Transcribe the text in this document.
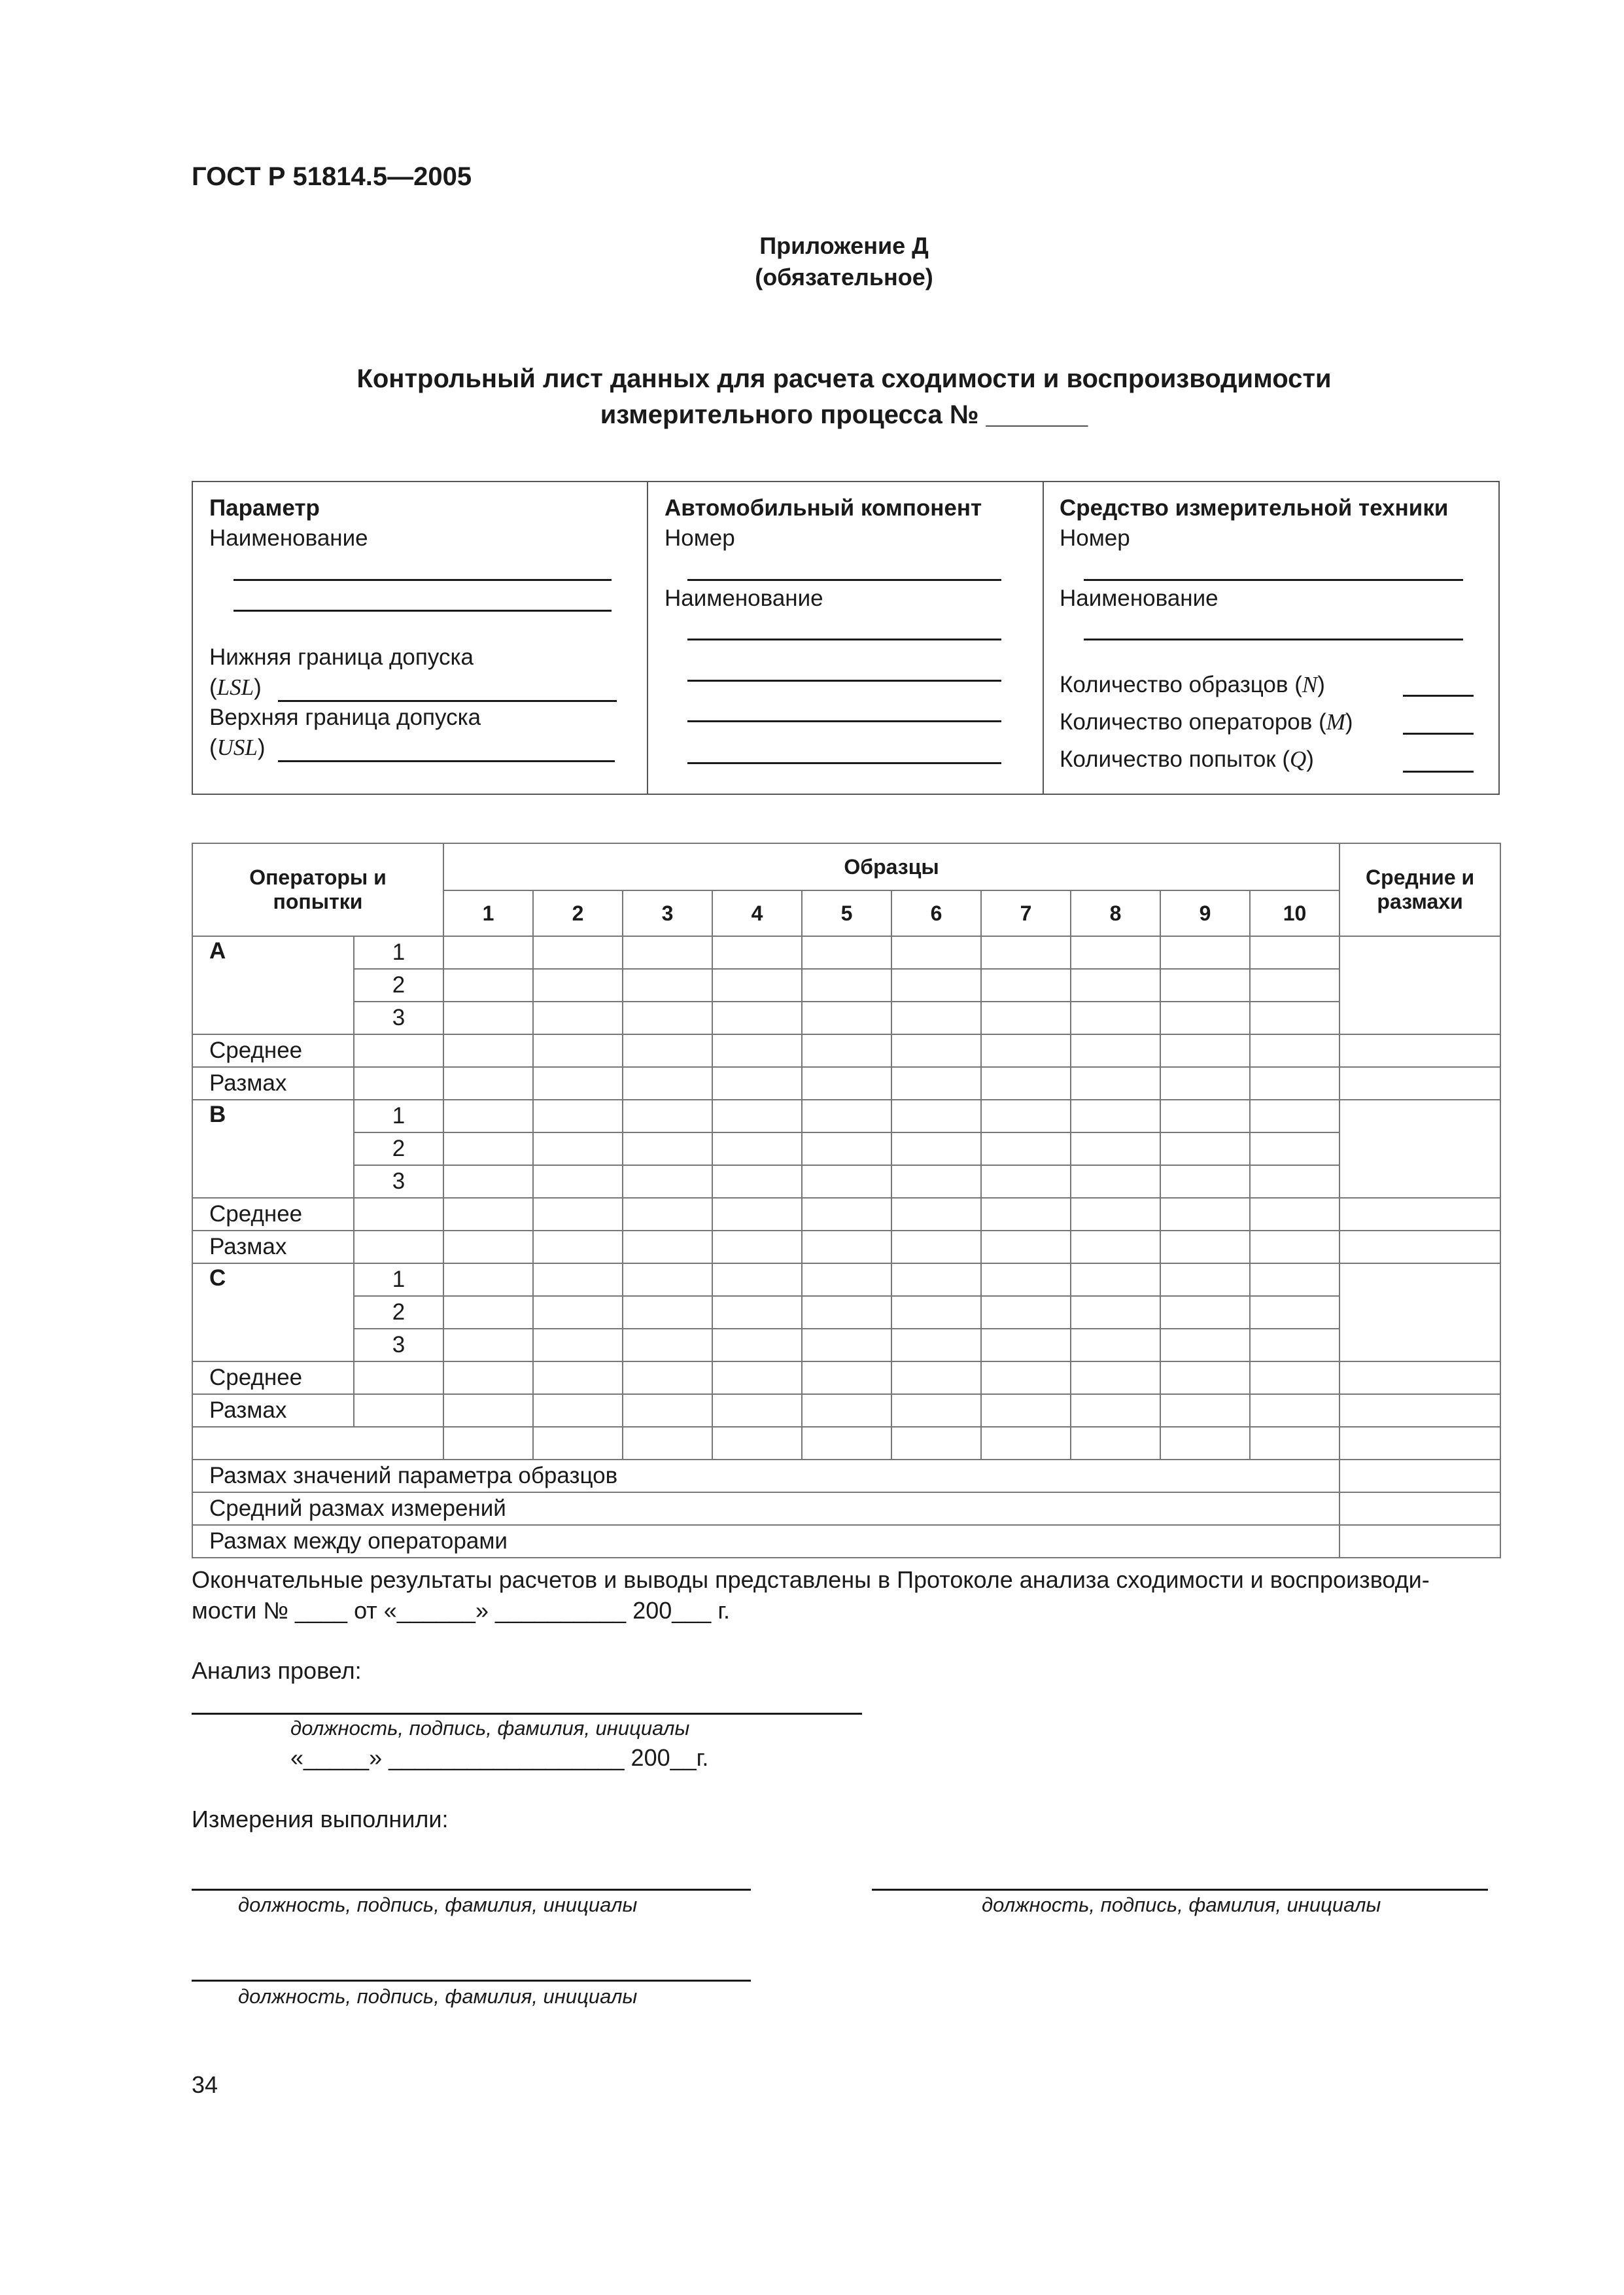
ГОСТ Р 51814.5—2005
Приложение Д
(обязательное)
Контрольный лист данных для расчета сходимости и воспроизводимости
измерительного процесса № _______
Параметр
Наименование
Нижняя граница допуска
(LSL)
Верхняя граница допуска
(USL)
Автомобильный компонент
Номер
Наименование
Средство измерительной техники
Номер
Наименование
Количество образцов (N)
Количество операторов (M)
Количество попыток (Q)
Операторы и
попытки		Образцы										Средние и
размахи
		1	2	3	4	5	6	7	8	9	10	
А	1											
	2											
	3											
Среднее												
Размах												
В	1											
	2											
	3											
Среднее												
Размах												
С	1											
	2											
	3											
Среднее												
Размах												

Размах значений параметра образцов												
Средний размах измерений												
Размах между операторами												
Окончательные результаты расчетов и выводы представлены в Протоколе анализа сходимости и воспроизводи-
мости № ____ от «______» __________ 200___ г.
Анализ провел:
должность, подпись, фамилия, инициалы
«_____» __________________ 200__г.
Измерения выполнили:
должность, подпись, фамилия, инициалы	должность, подпись, фамилия, инициалы
должность, подпись, фамилия, инициалы
34
